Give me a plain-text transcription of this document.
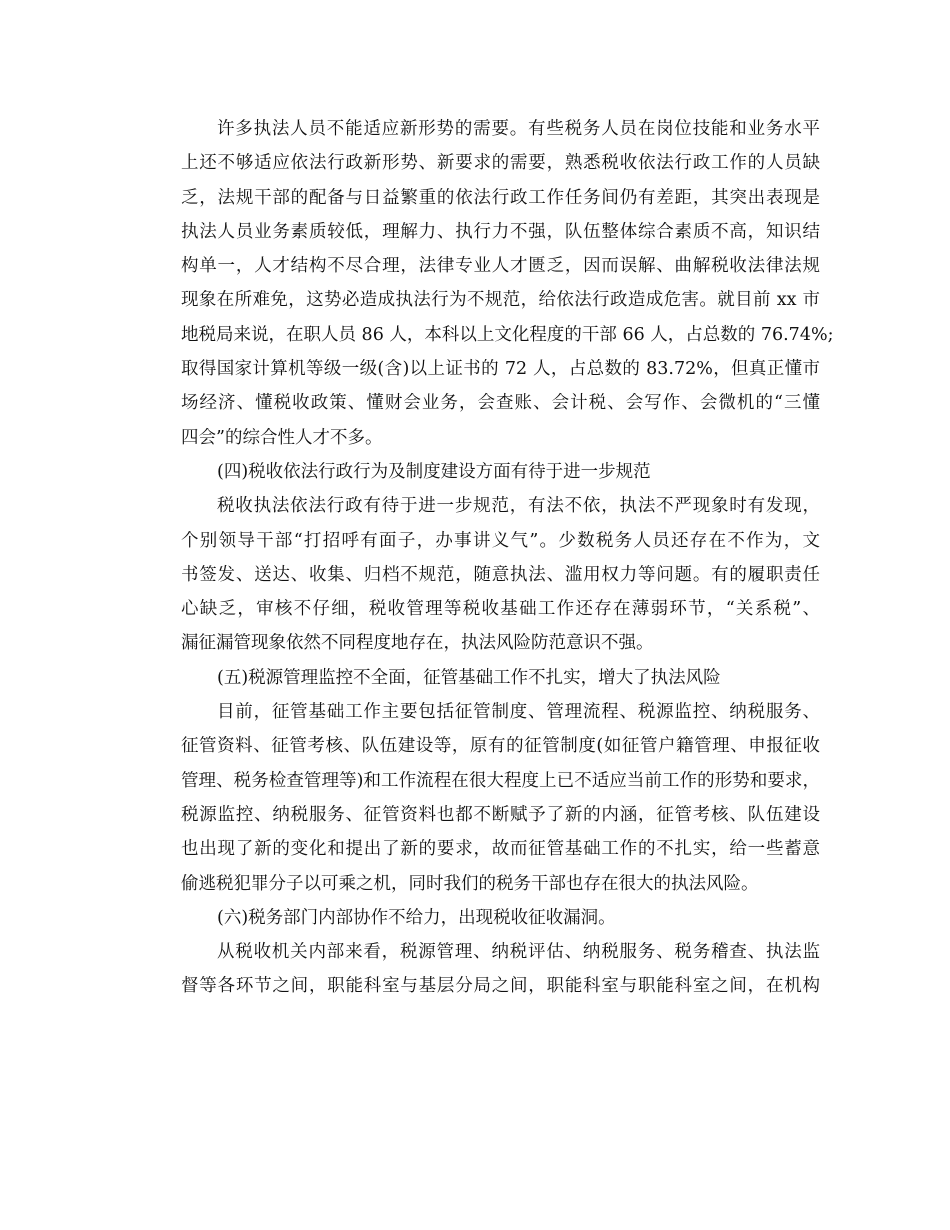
许多执法人员不能适应新形势的需要。有些税务人员在岗位技能和业务水平
上还不够适应依法行政新形势、新要求的需要，熟悉税收依法行政工作的人员缺
乏，法规干部的配备与日益繁重的依法行政工作任务间仍有差距，其突出表现是
执法人员业务素质较低，理解力、执行力不强，队伍整体综合素质不高，知识结
构单一，人才结构不尽合理，法律专业人才匮乏，因而误解、曲解税收法律法规
现象在所难免，这势必造成执法行为不规范，给依法行政造成危害。就目前 xx 市
地税局来说，在职人员 86 人，本科以上文化程度的干部 66 人，占总数的 76.74%;
取得国家计算机等级一级(含)以上证书的 72 人，占总数的 83.72%，但真正懂市
场经济、懂税收政策、懂财会业务，会查账、会计税、会写作、会微机的“三懂
四会”的综合性人才不多。
(四)税收依法行政行为及制度建设方面有待于进一步规范
税收执法依法行政有待于进一步规范，有法不依，执法不严现象时有发现，
个别领导干部“打招呼有面子，办事讲义气”。少数税务人员还存在不作为，文
书签发、送达、收集、归档不规范，随意执法、滥用权力等问题。有的履职责任
心缺乏，审核不仔细，税收管理等税收基础工作还存在薄弱环节，“关系税”、
漏征漏管现象依然不同程度地存在，执法风险防范意识不强。
(五)税源管理监控不全面，征管基础工作不扎实，增大了执法风险
目前，征管基础工作主要包括征管制度、管理流程、税源监控、纳税服务、
征管资料、征管考核、队伍建设等，原有的征管制度(如征管户籍管理、申报征收
管理、税务检查管理等)和工作流程在很大程度上已不适应当前工作的形势和要求，
税源监控、纳税服务、征管资料也都不断赋予了新的内涵，征管考核、队伍建设
也出现了新的变化和提出了新的要求，故而征管基础工作的不扎实，给一些蓄意
偷逃税犯罪分子以可乘之机，同时我们的税务干部也存在很大的执法风险。
(六)税务部门内部协作不给力，出现税收征收漏洞。
从税收机关内部来看，税源管理、纳税评估、纳税服务、税务稽查、执法监
督等各环节之间，职能科室与基层分局之间，职能科室与职能科室之间，在机构
